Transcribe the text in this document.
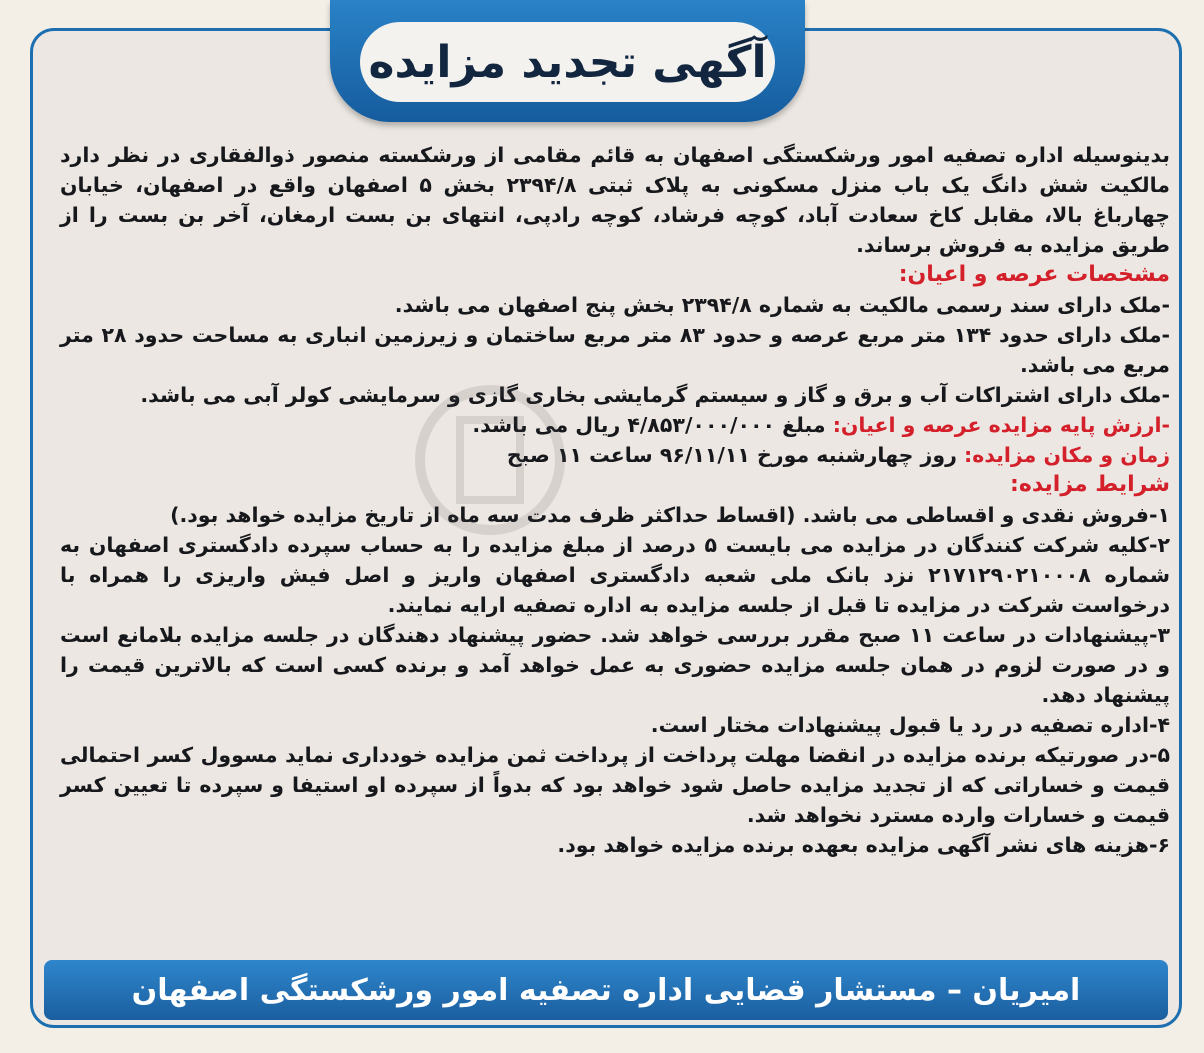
آگهی تجدید مزایده

بدینوسیله اداره تصفیه امور ورشکستگی اصفهان به قائم مقامی از ورشکسته منصور ذوالفقاری در نظر دارد مالکیت شش دانگ یک باب منزل مسکونی به پلاک ثبتی ۲۳۹۴/۸ بخش ۵ اصفهان واقع در اصفهان، خیابان چهارباغ بالا، مقابل کاخ سعادت آباد، کوچه فرشاد، کوچه رادپی، انتهای بن بست ارمغان، آخر بن بست را از طریق مزایده به فروش برساند.

مشخصات عرصه و اعیان:

-ملک دارای سند رسمی مالکیت به شماره ۲۳۹۴/۸ بخش پنج اصفهان می باشد.

-ملک دارای حدود ۱۳۴ متر مربع عرصه و حدود ۸۳ متر مربع ساختمان و زیرزمین انباری به مساحت حدود ۲۸ متر مربع می باشد.

-ملک دارای اشتراکات آب و برق و گاز و سیستم گرمایشی بخاری گازی و سرمایشی کولر آبی می باشد.

-ارزش پایه مزایده عرصه و اعیان: مبلغ ۴/۸۵۳/۰۰۰/۰۰۰ ریال می باشد.

زمان و مکان مزایده: روز چهارشنبه مورخ ۹۶/۱۱/۱۱ ساعت ۱۱ صبح

شرایط مزایده:

۱-فروش نقدی و اقساطی می باشد. (اقساط حداکثر ظرف مدت سه ماه از تاریخ مزایده خواهد بود.)

۲-کلیه شرکت کنندگان در مزایده می بایست ۵ درصد از مبلغ مزایده را به حساب سپرده دادگستری اصفهان به شماره ۲۱۷۱۲۹۰۲۱۰۰۰۸ نزد بانک ملی شعبه دادگستری اصفهان واریز و اصل فیش واریزی را همراه با درخواست شرکت در مزایده تا قبل از جلسه مزایده به اداره تصفیه ارایه نمایند.

۳-پیشنهادات در ساعت ۱۱ صبح مقرر بررسی خواهد شد. حضور پیشنهاد دهندگان در جلسه مزایده بلامانع است و در صورت لزوم در همان جلسه مزایده حضوری به عمل خواهد آمد و برنده کسی است که بالاترین قیمت را پیشنهاد دهد.

۴-اداره تصفیه در رد یا قبول پیشنهادات مختار است.

۵-در صورتیکه برنده مزایده در انقضا مهلت پرداخت از پرداخت ثمن مزایده خودداری نماید مسوول کسر احتمالی قیمت و خساراتی که از تجدید مزایده حاصل شود خواهد بود که بدواً از سپرده او استیفا و سپرده تا تعیین کسر قیمت و خسارات وارده مسترد نخواهد شد.

۶-هزینه های نشر آگهی مزایده بعهده برنده مزایده خواهد بود.

امیریان – مستشار قضایی اداره تصفیه امور ورشکستگی اصفهان
